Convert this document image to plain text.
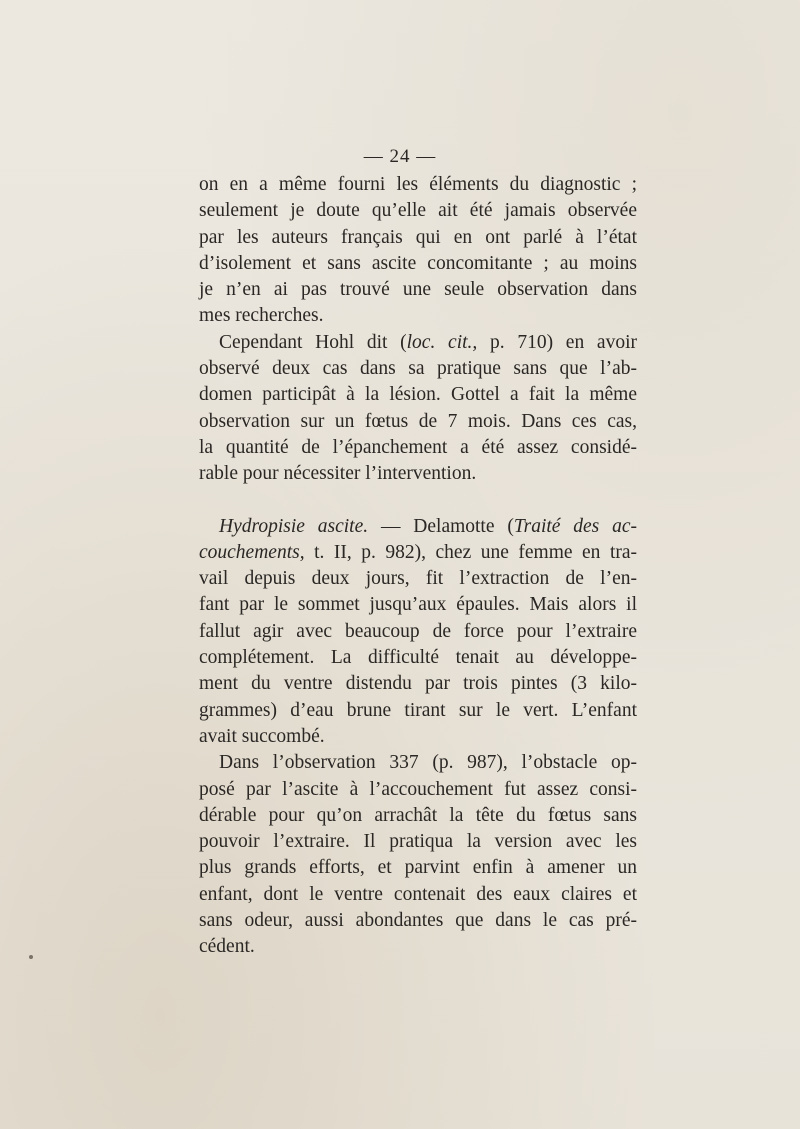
— 24 —
on en a même fourni les éléments du diagnostic ;
seulement je doute qu’elle ait été jamais observée
par les auteurs français qui en ont parlé à l’état
d’isolement et sans ascite concomitante ; au moins
je n’en ai pas trouvé une seule observation dans
mes recherches.
Cependant Hohl dit (loc. cit., p. 710) en avoir
observé deux cas dans sa pratique sans que l’ab-
domen participât à la lésion. Gottel a fait la même
observation sur un fœtus de 7 mois. Dans ces cas,
la quantité de l’épanchement a été assez considé-
rable pour nécessiter l’intervention.
Hydropisie ascite. — Delamotte (Traité des ac-
couchements, t. II, p. 982), chez une femme en tra-
vail depuis deux jours, fit l’extraction de l’en-
fant par le sommet jusqu’aux épaules. Mais alors il
fallut agir avec beaucoup de force pour l’extraire
complétement. La difficulté tenait au développe-
ment du ventre distendu par trois pintes (3 kilo-
grammes) d’eau brune tirant sur le vert. L’enfant
avait succombé.
Dans l’observation 337 (p. 987), l’obstacle op-
posé par l’ascite à l’accouchement fut assez consi-
dérable pour qu’on arrachât la tête du fœtus sans
pouvoir l’extraire. Il pratiqua la version avec les
plus grands efforts, et parvint enfin à amener un
enfant, dont le ventre contenait des eaux claires et
sans odeur, aussi abondantes que dans le cas pré-
cédent.
